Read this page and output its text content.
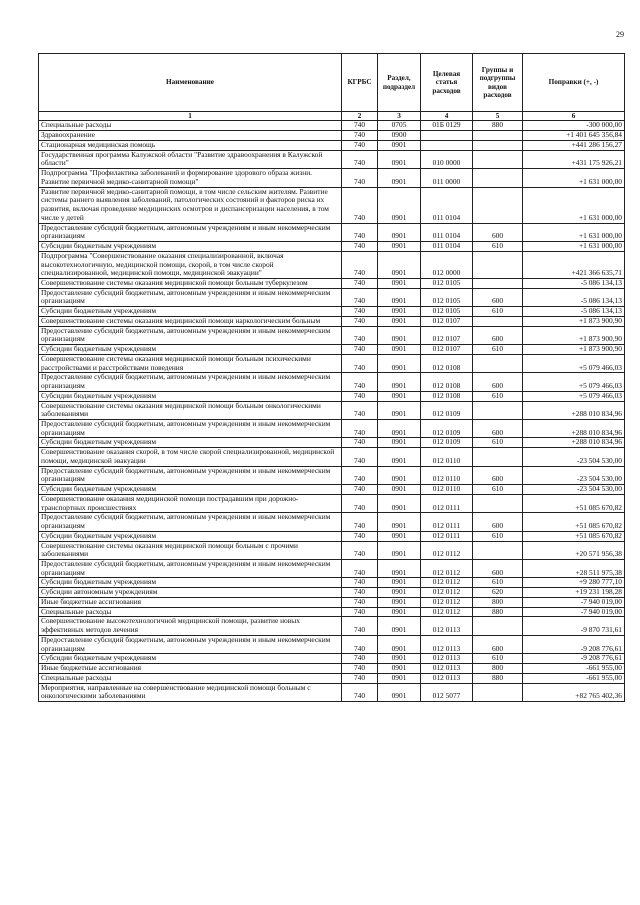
29
Наименование	КГРБС	Раздел, подраздел	Целевая статья расходов	Группы и подгруппы видов расходов	Поправки (+, -)
1	2	3	4	5	6
Специальные расходы	740	0705	01Б 0129	880	-300 000,00
Здравоохранение	740	0900			+1 401 645 356,84
Стационарная медицинская помощь	740	0901			+441 286 156,27
Государственная программа Калужской области "Развитие здравоохранения в Калужской области"	740	0901	010 0000		+431 175 926,21
Подпрограмма "Профилактика заболеваний и формирование здорового образа жизни. Развитие первичной медико-санитарной помощи"	740	0901	011 0000		+1 631 000,00
Развитие первичной медико-санитарной помощи, в том числе сельским жителям. Развитие системы раннего выявления заболеваний, патологических состояний и факторов риска их развития, включая проведение медицинских осмотров и диспансеризации населения, в том числе у детей	740	0901	011 0104		+1 631 000,00
Предоставление субсидий бюджетным, автономным учреждениям и иным некоммерческим организациям	740	0901	011 0104	600	+1 631 000,00
Субсидии бюджетным учреждениям	740	0901	011 0104	610	+1 631 000,00
Подпрограмма "Совершенствование оказания специализированной, включая высокотехнологичную, медицинской помощи, скорой, в том числе скорой специализированной, медицинской помощи, медицинской эвакуации"	740	0901	012 0000		+421 366 635,71
Совершенствование системы оказания медицинской помощи больным туберкулезом	740	0901	012 0105		-5 086 134,13
Предоставление субсидий бюджетным, автономным учреждениям и иным некоммерческим организациям	740	0901	012 0105	600	-5 086 134,13
Субсидии бюджетным учреждениям	740	0901	012 0105	610	-5 086 134,13
Совершенствование системы оказания медицинской помощи наркологическим больным	740	0901	012 0107		+1 873 900,90
Предоставление субсидий бюджетным, автономным учреждениям и иным некоммерческим организациям	740	0901	012 0107	600	+1 873 900,90
Субсидии бюджетным учреждениям	740	0901	012 0107	610	+1 873 900,90
Совершенствование системы оказания медицинской помощи больным психическими расстройствами и расстройствами поведения	740	0901	012 0108		+5 079 466,03
Предоставление субсидий бюджетным, автономным учреждениям и иным некоммерческим организациям	740	0901	012 0108	600	+5 079 466,03
Субсидии бюджетным учреждениям	740	0901	012 0108	610	+5 079 466,03
Совершенствование системы оказания медицинской помощи больным онкологическими заболеваниями	740	0901	012 0109		+288 010 834,96
Предоставление субсидий бюджетным, автономным учреждениям и иным некоммерческим организациям	740	0901	012 0109	600	+288 010 834,96
Субсидии бюджетным учреждениям	740	0901	012 0109	610	+288 010 834,96
Совершенствование оказания скорой, в том числе скорой специализированной, медицинской помощи, медицинской эвакуации	740	0901	012 0110		-23 504 530,00
Предоставление субсидий бюджетным, автономным учреждениям и иным некоммерческим организациям	740	0901	012 0110	600	-23 504 530,00
Субсидии бюджетным учреждениям	740	0901	012 0110	610	-23 504 530,00
Совершенствование оказания медицинской помощи пострадавшим при дорожно-транспортных происшествиях	740	0901	012 0111		+51 085 670,82
Предоставление субсидий бюджетным, автономным учреждениям и иным некоммерческим организациям	740	0901	012 0111	600	+51 085 670,82
Субсидии бюджетным учреждениям	740	0901	012 0111	610	+51 085 670,82
Совершенствование системы оказания медицинской помощи больным с прочими заболеваниями	740	0901	012 0112		+20 571 956,38
Предоставление субсидий бюджетным, автономным учреждениям и иным некоммерческим организациям	740	0901	012 0112	600	+28 511 975,38
Субсидии бюджетным учреждениям	740	0901	012 0112	610	+9 280 777,10
Субсидии автономным учреждениям	740	0901	012 0112	620	+19 231 198,28
Иные бюджетные ассигнования	740	0901	012 0112	800	-7 940 019,00
Специальные расходы	740	0901	012 0112	880	-7 940 019,00
Совершенствование высокотехнологичной медицинской помощи, развитие новых эффективных методов лечения	740	0901	012 0113		-9 870 731,61
Предоставление субсидий бюджетным, автономным учреждениям и иным некоммерческим организациям	740	0901	012 0113	600	-9 208 776,61
Субсидии бюджетным учреждениям	740	0901	012 0113	610	-9 208 776,61
Иные бюджетные ассигнования	740	0901	012 0113	800	-661 955,00
Специальные расходы	740	0901	012 0113	880	-661 955,00
Мероприятия, направленные на совершенствование медицинской помощи больным с онкологическими заболеваниями	740	0901	012 5077		+82 765 402,36
